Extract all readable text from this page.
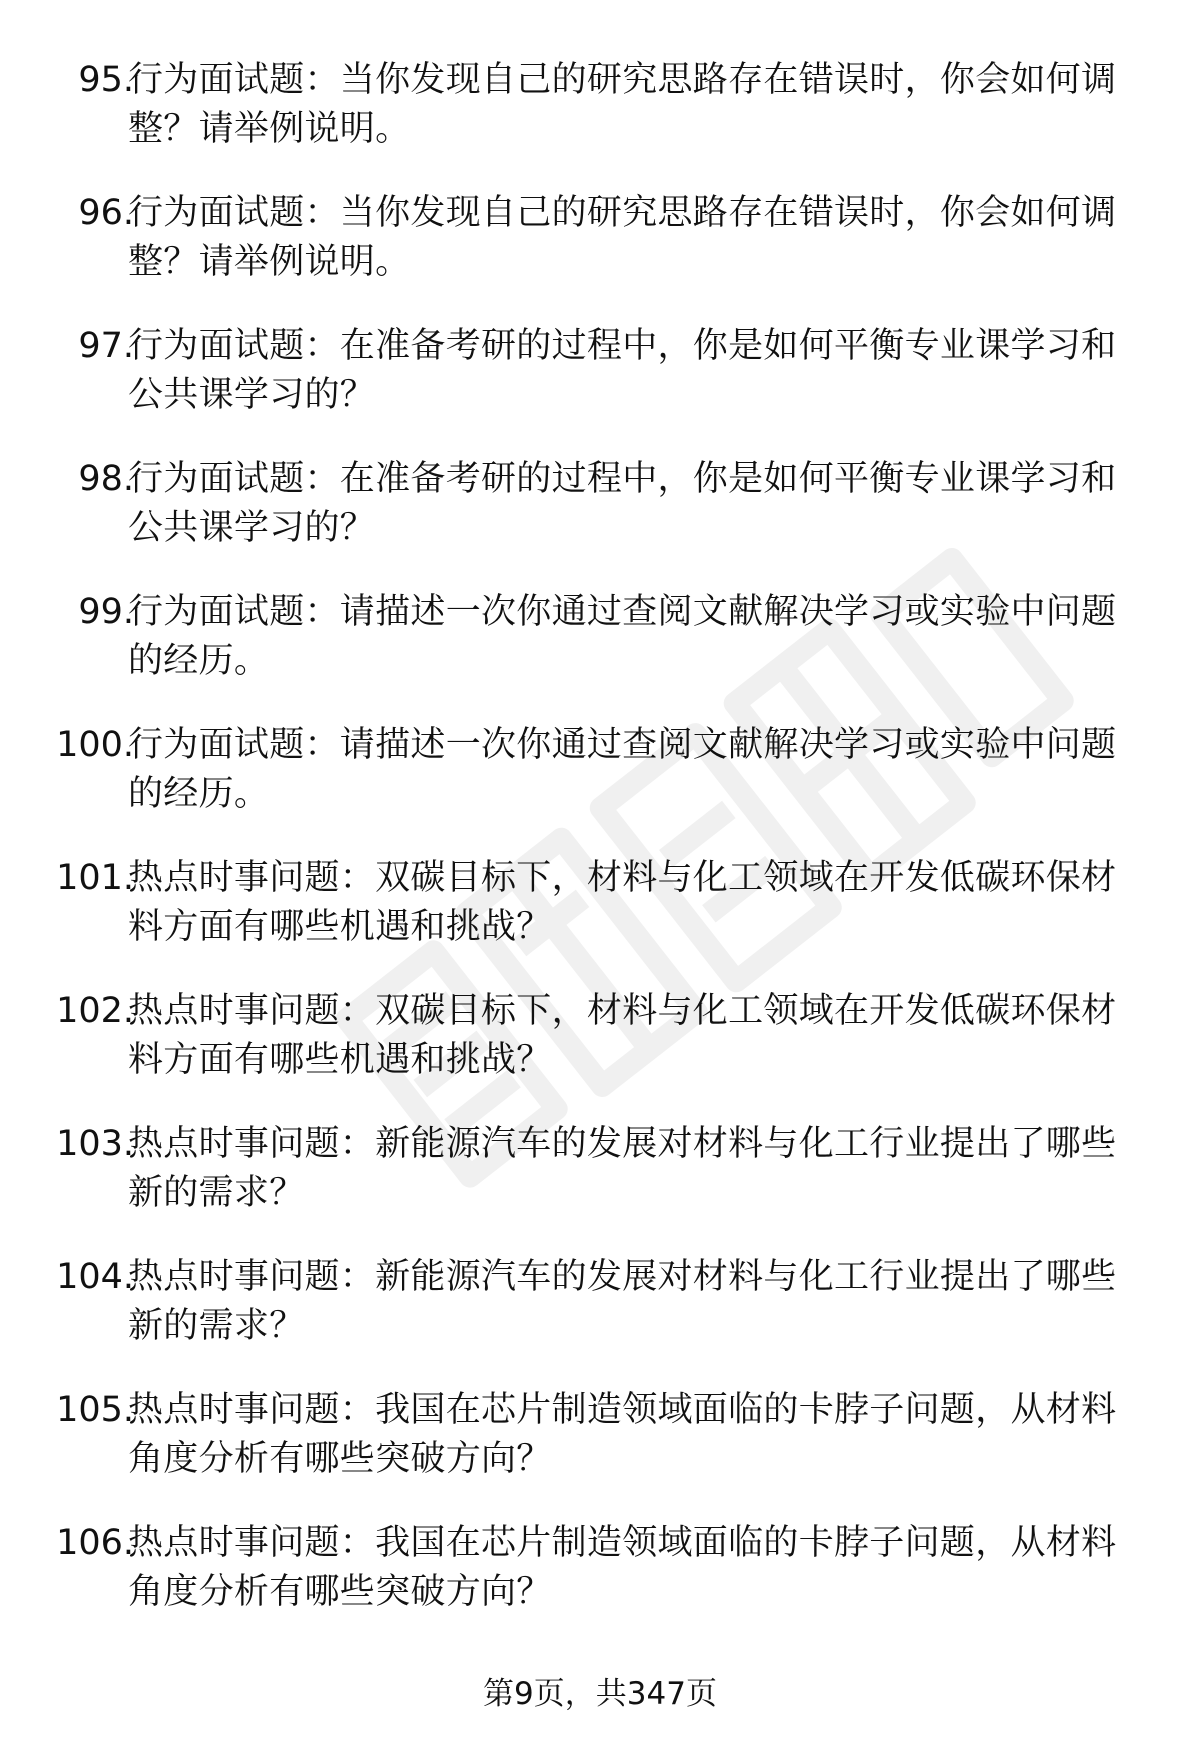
95.
行为面试题：当你发现自己的研究思路存在错误时，你会如何调整？请举例说明。
96.
行为面试题：当你发现自己的研究思路存在错误时，你会如何调整？请举例说明。
97.
行为面试题：在准备考研的过程中，你是如何平衡专业课学习和公共课学习的？
98.
行为面试题：在准备考研的过程中，你是如何平衡专业课学习和公共课学习的？
99.
行为面试题：请描述一次你通过查阅文献解决学习或实验中问题的经历。
100.
行为面试题：请描述一次你通过查阅文献解决学习或实验中问题的经历。
101.
热点时事问题：双碳目标下，材料与化工领域在开发低碳环保材料方面有哪些机遇和挑战？
102.
热点时事问题：双碳目标下，材料与化工领域在开发低碳环保材料方面有哪些机遇和挑战？
103.
热点时事问题：新能源汽车的发展对材料与化工行业提出了哪些新的需求？
104.
热点时事问题：新能源汽车的发展对材料与化工行业提出了哪些新的需求？
105.
热点时事问题：我国在芯片制造领域面临的卡脖子问题，从材料角度分析有哪些突破方向？
106.
热点时事问题：我国在芯片制造领域面临的卡脖子问题，从材料角度分析有哪些突破方向？
第9页，共347页
